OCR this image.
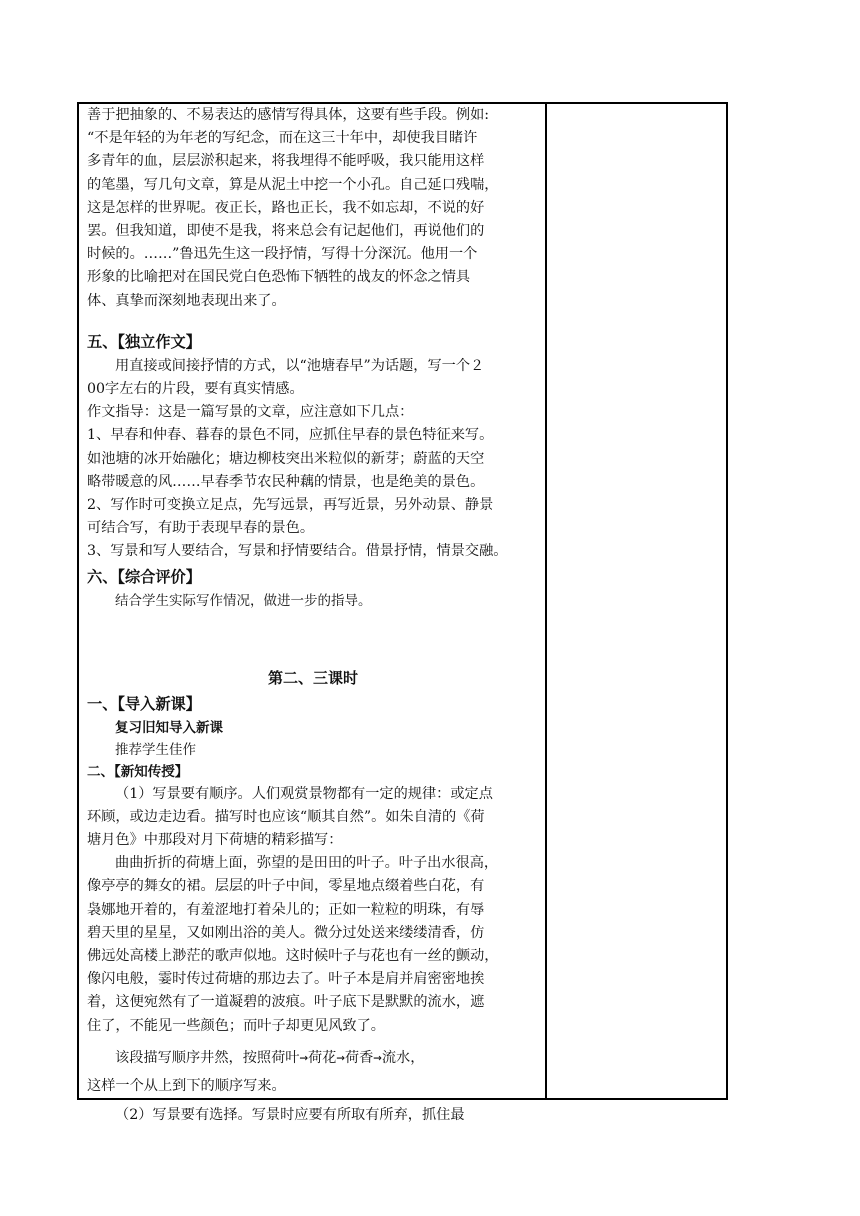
善于把抽象的、不易表达的感情写得具体，这要有些手段。例如:
“不是年轻的为年老的写纪念，而在这三十年中，却使我目睹许
多青年的血，层层淤积起来，将我埋得不能呼吸，我只能用这样
的笔墨，写几句文章，算是从泥土中挖一个小孔。自己延口残喘，
这是怎样的世界呢。夜正长，路也正长，我不如忘却，不说的好
罢。但我知道，即使不是我，将来总会有记起他们，再说他们的
时候的。……”鲁迅先生这一段抒情，写得十分深沉。他用一个
形象的比喻把对在国民党白色恐怖下牺牲的战友的怀念之情具
体、真挚而深刻地表现出来了。
五、【独立作文】
用直接或间接抒情的方式，以“池塘春早”为话题，写一个２
00字左右的片段，要有真实情感。
作文指导：这是一篇写景的文章，应注意如下几点：
1、早春和仲春、暮春的景色不同，应抓住早春的景色特征来写。
如池塘的冰开始融化；塘边柳枝突出米粒似的新芽；蔚蓝的天空
略带暖意的风……早春季节农民种藕的情景，也是绝美的景色。
2、写作时可变换立足点，先写远景，再写近景，另外动景、静景
可结合写，有助于表现早春的景色。
3、写景和写人要结合，写景和抒情要结合。借景抒情，情景交融。
六、【综合评价】
结合学生实际写作情况，做进一步的指导。
第二、三课时
一、【导入新课】
复习旧知导入新课
推荐学生佳作
二、【新知传授】
（1）写景要有顺序。人们观赏景物都有一定的规律：或定点
环顾，或边走边看。描写时也应该“顺其自然”。如朱自清的《荷
塘月色》中那段对月下荷塘的精彩描写：
曲曲折折的荷塘上面，弥望的是田田的叶子。叶子出水很高，
像亭亭的舞女的裙。层层的叶子中间，零星地点缀着些白花，有
袅娜地开着的，有羞涩地打着朵儿的；正如一粒粒的明珠，有辱
碧天里的星星，又如刚出浴的美人。微分过处送来缕缕清香，仿
佛远处高楼上渺茫的歌声似地。这时候叶子与花也有一丝的颤动，
像闪电般，霎时传过荷塘的那边去了。叶子本是肩并肩密密地挨
着，这便宛然有了一道凝碧的波痕。叶子底下是默默的流水，遮
住了，不能见一些颜色；而叶子却更见风致了。
该段描写顺序井然，按照荷叶→荷花→荷香→流水，
这样一个从上到下的顺序写来。
（2）写景要有选择。写景时应要有所取有所弃，抓住最
